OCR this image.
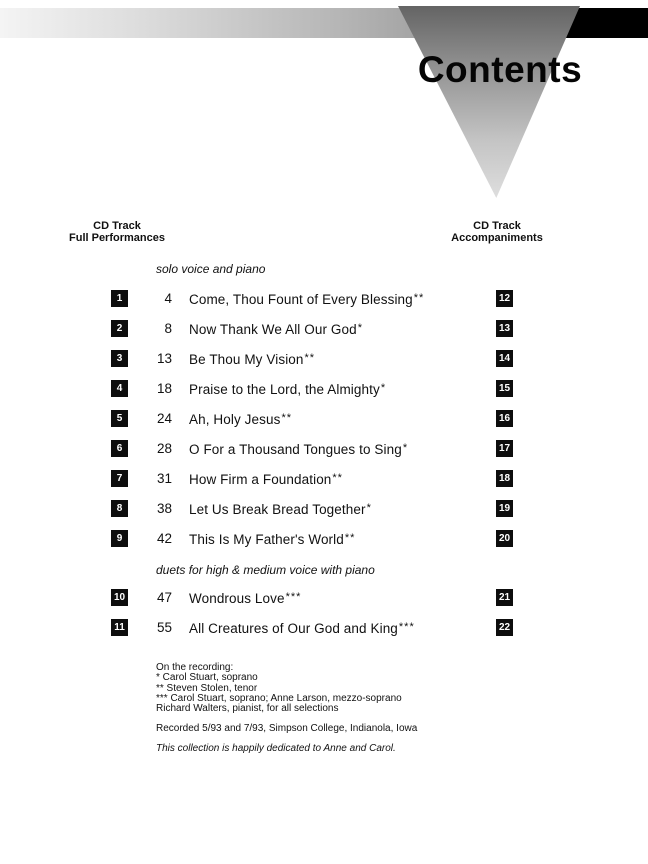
Contents
CD Track
Full Performances
CD Track
Accompaniments
solo voice and piano
1	4 Come, Thou Fount of Every Blessing**	12
2	8 Now Thank We All Our God*	13
3	13 Be Thou My Vision**	14
4	18 Praise to the Lord, the Almighty*	15
5	24 Ah, Holy Jesus**	16
6	28 O For a Thousand Tongues to Sing*	17
7	31 How Firm a Foundation**	18
8	38 Let Us Break Bread Together*	19
9	42 This Is My Father's World**	20
duets for high & medium voice with piano
10	47 Wondrous Love***	21
11	55 All Creatures of Our God and King***	22
On the recording:
* Carol Stuart, soprano
** Steven Stolen, tenor
*** Carol Stuart, soprano; Anne Larson, mezzo-soprano
Richard Walters, pianist, for all selections
Recorded 5/93 and 7/93, Simpson College, Indianola, Iowa
This collection is happily dedicated to Anne and Carol.
